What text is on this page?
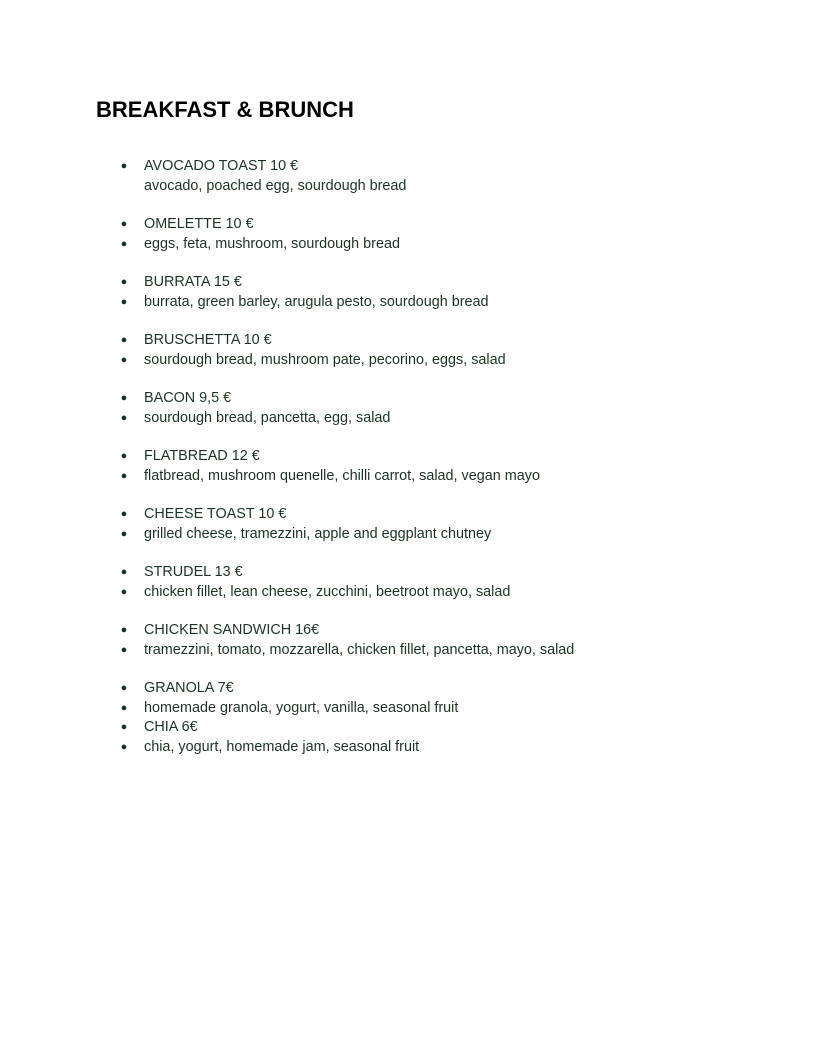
BREAKFAST & BRUNCH
● AVOCADO TOAST 10 €
avocado, poached egg, sourdough bread
● OMELETTE 10 €
● eggs, feta, mushroom, sourdough bread
● BURRATA 15 €
● burrata, green barley, arugula pesto, sourdough bread
● BRUSCHETTA 10 €
● sourdough bread, mushroom pate, pecorino, eggs, salad
● BACON 9,5 €
● sourdough bread, pancetta, egg, salad
● FLATBREAD 12 €
● flatbread, mushroom quenelle, chilli carrot, salad, vegan mayo
● CHEESE TOAST 10 €
● grilled cheese, tramezzini, apple and eggplant chutney
● STRUDEL 13 €
● chicken fillet, lean cheese, zucchini, beetroot mayo, salad
● CHICKEN SANDWICH 16€
● tramezzini, tomato, mozzarella, chicken fillet, pancetta, mayo, salad
● GRANOLA 7€
● homemade granola, yogurt, vanilla, seasonal fruit
● CHIA 6€
● chia, yogurt, homemade jam, seasonal fruit
